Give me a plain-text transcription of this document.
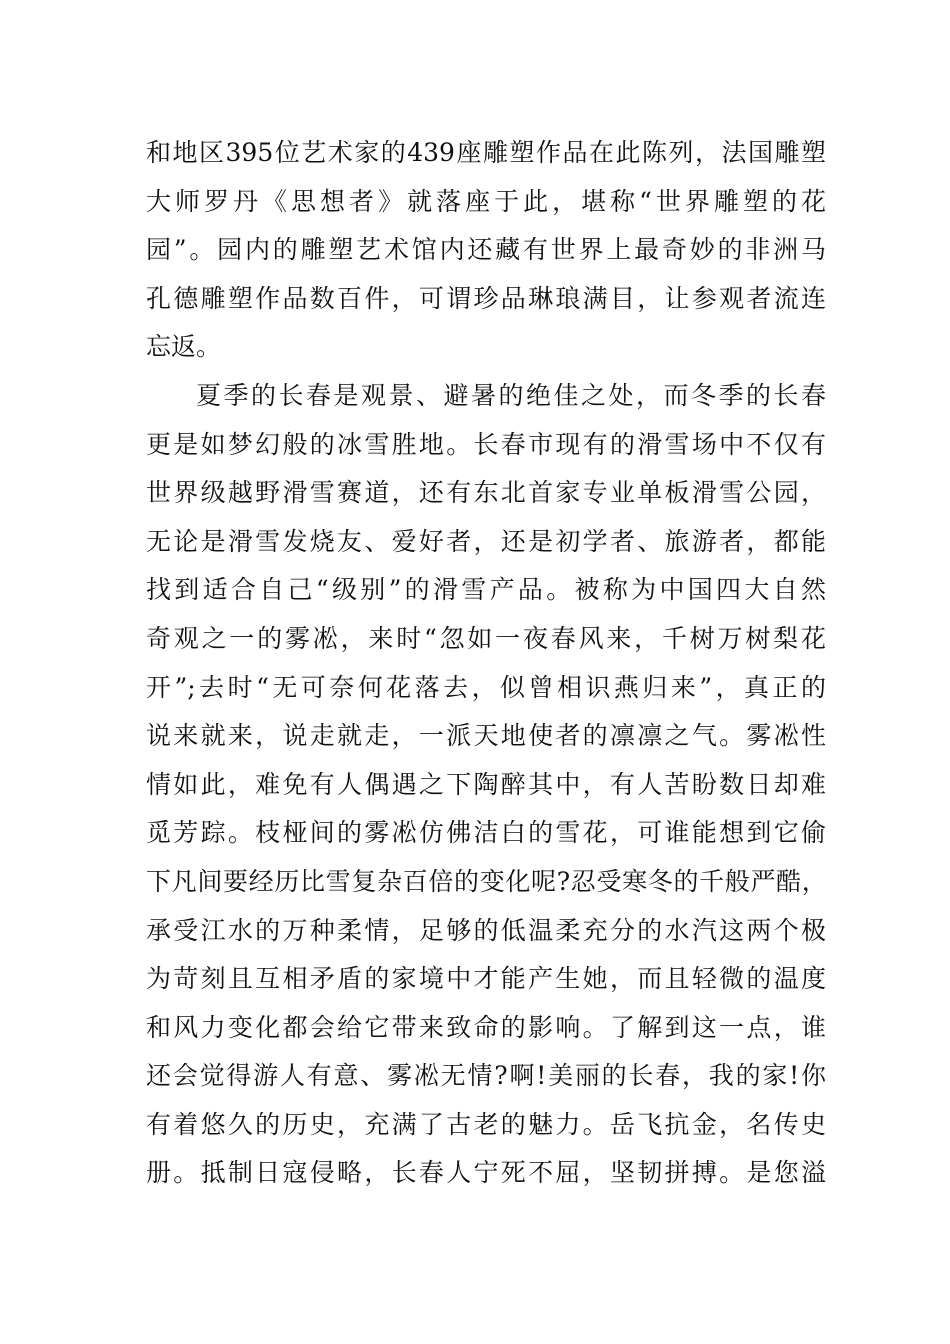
和地区395位艺术家的439座雕塑作品在此陈列，法国雕塑
大师罗丹《思想者》就落座于此，堪称“世界雕塑的花
园”。园内的雕塑艺术馆内还藏有世界上最奇妙的非洲马
孔德雕塑作品数百件，可谓珍品琳琅满目，让参观者流连
忘返。
夏季的长春是观景、避暑的绝佳之处，而冬季的长春
更是如梦幻般的冰雪胜地。长春市现有的滑雪场中不仅有
世界级越野滑雪赛道，还有东北首家专业单板滑雪公园，
无论是滑雪发烧友、爱好者，还是初学者、旅游者，都能
找到适合自己“级别”的滑雪产品。被称为中国四大自然
奇观之一的雾凇，来时“忽如一夜春风来，千树万树梨花
开”;去时“无可奈何花落去，似曾相识燕归来”，真正的
说来就来，说走就走，一派天地使者的凛凛之气。雾凇性
情如此，难免有人偶遇之下陶醉其中，有人苦盼数日却难
觅芳踪。枝桠间的雾凇仿佛洁白的雪花，可谁能想到它偷
下凡间要经历比雪复杂百倍的变化呢?忍受寒冬的千般严酷，
承受江水的万种柔情，足够的低温柔充分的水汽这两个极
为苛刻且互相矛盾的家境中才能产生她，而且轻微的温度
和风力变化都会给它带来致命的影响。了解到这一点，谁
还会觉得游人有意、雾凇无情?啊!美丽的长春，我的家!你
有着悠久的历史，充满了古老的魅力。岳飞抗金，名传史
册。抵制日寇侵略，长春人宁死不屈，坚韧拼搏。是您溢
